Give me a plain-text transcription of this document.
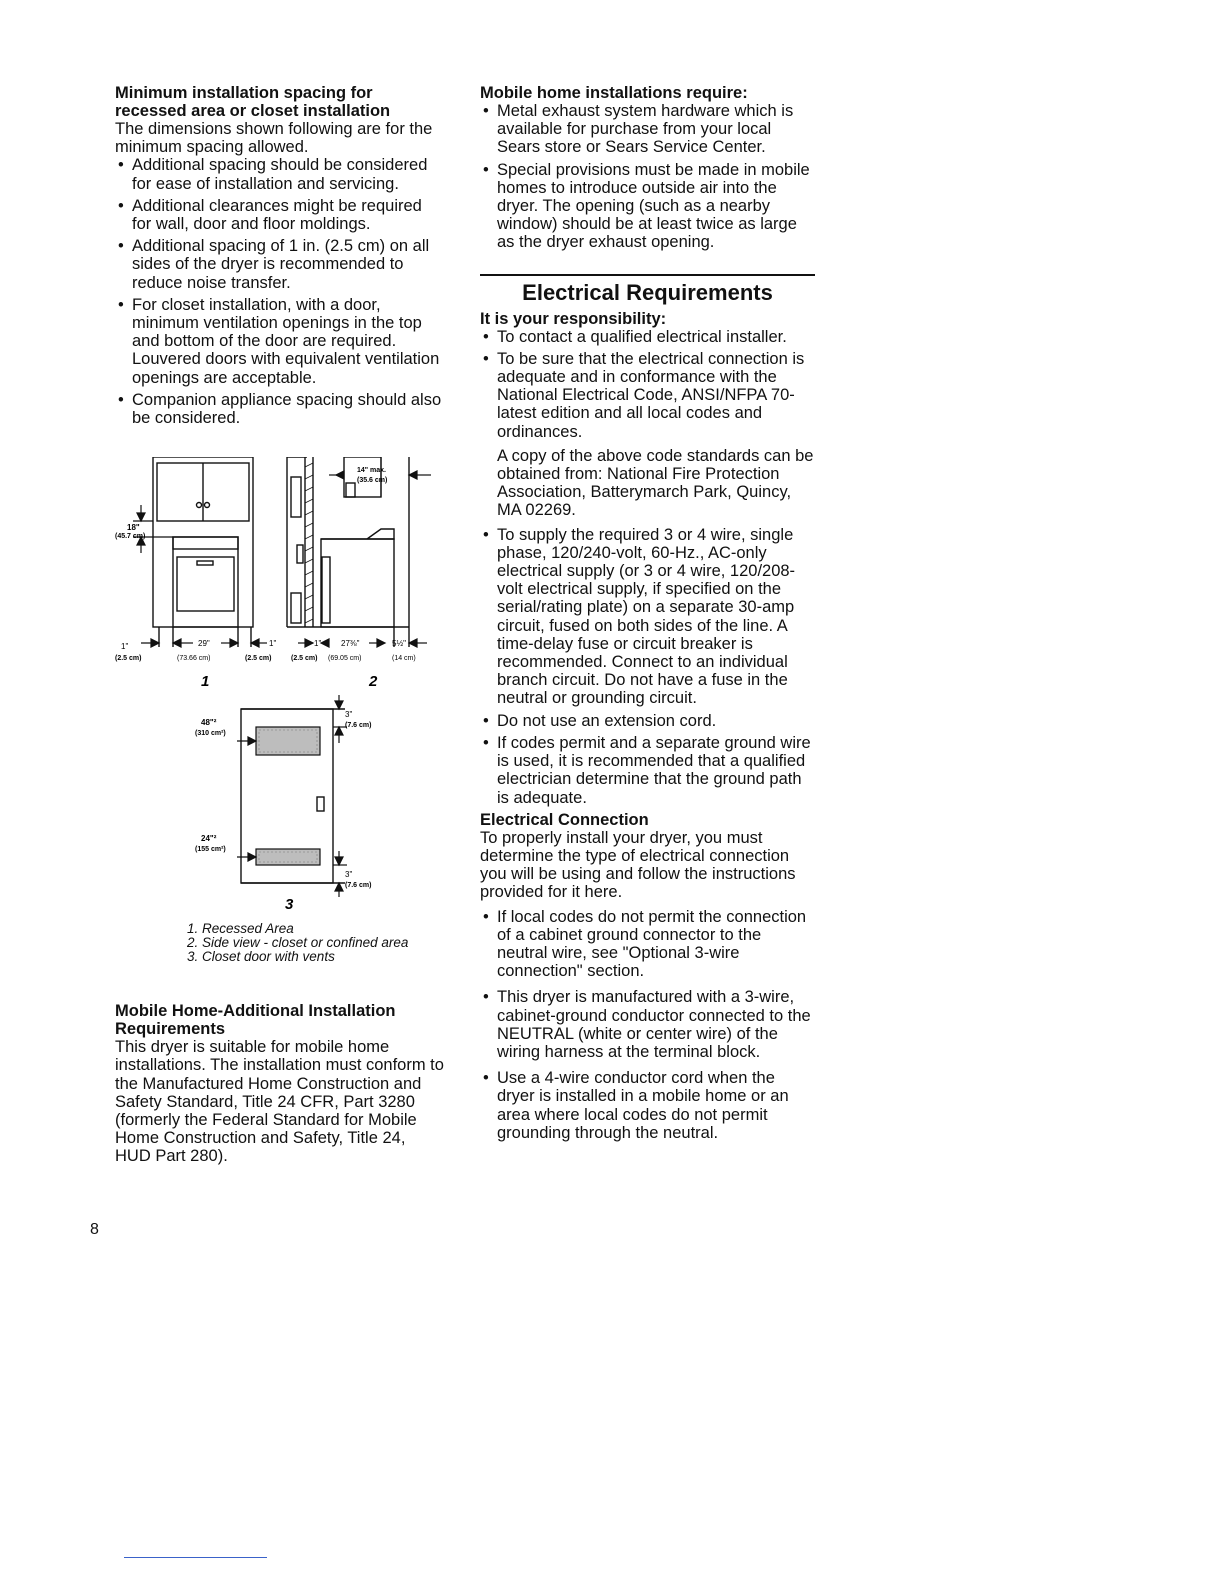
Minimum installation spacing for recessed area or closet installation

The dimensions shown following are for the minimum spacing allowed.

• Additional spacing should be considered for ease of installation and servicing.
• Additional clearances might be required for wall, door and floor moldings.
• Additional spacing of 1 in. (2.5 cm) on all sides of the dryer is recommended to reduce noise transfer.
• For closet installation, with a door, minimum ventilation openings in the top and bottom of the door are required. Louvered doors with equivalent ventilation openings are acceptable.
• Companion appliance spacing should also be considered.
18"
(45.7 cm)
1"
(2.5 cm)
29"
(73.66 cm)
1"
(2.5 cm)
14" max.
(35.6 cm)
1"
(2.5 cm)
27⅜"
(69.05 cm)
5½"
(14 cm)
1	2
48"²
(310 cm²)
24"²
(155 cm²)
3"
(7.6 cm)
3"
(7.6 cm)
3
1. Recessed Area
2. Side view - closet or confined area
3. Closet door with vents

Mobile Home-Additional Installation Requirements

This dryer is suitable for mobile home installations. The installation must conform to the Manufactured Home Construction and Safety Standard, Title 24 CFR, Part 3280 (formerly the Federal Standard for Mobile Home Construction and Safety, Title 24, HUD Part 280).

Mobile home installations require:

• Metal exhaust system hardware which is available for purchase from your local Sears store or Sears Service Center.
• Special provisions must be made in mobile homes to introduce outside air into the dryer. The opening (such as a nearby window) should be at least twice as large as the dryer exhaust opening.

Electrical Requirements

It is your responsibility:

• To contact a qualified electrical installer.
• To be sure that the electrical connection is adequate and in conformance with the National Electrical Code, ANSI/NFPA 70-latest edition and all local codes and ordinances.

A copy of the above code standards can be obtained from: National Fire Protection Association, Batterymarch Park, Quincy, MA 02269.

• To supply the required 3 or 4 wire, single phase, 120/240-volt, 60-Hz., AC-only electrical supply (or 3 or 4 wire, 120/208-volt electrical supply, if specified on the serial/rating plate) on a separate 30-amp circuit, fused on both sides of the line. A time-delay fuse or circuit breaker is recommended. Connect to an individual branch circuit. Do not have a fuse in the neutral or grounding circuit.
• Do not use an extension cord.
• If codes permit and a separate ground wire is used, it is recommended that a qualified electrician determine that the ground path is adequate.

Electrical Connection

To properly install your dryer, you must determine the type of electrical connection you will be using and follow the instructions provided for it here.

• If local codes do not permit the connection of a cabinet ground connector to the neutral wire, see "Optional 3-wire connection" section.
• This dryer is manufactured with a 3-wire, cabinet-ground conductor connected to the NEUTRAL (white or center wire) of the wiring harness at the terminal block.
• Use a 4-wire conductor cord when the dryer is installed in a mobile home or an area where local codes do not permit grounding through the neutral.
8
